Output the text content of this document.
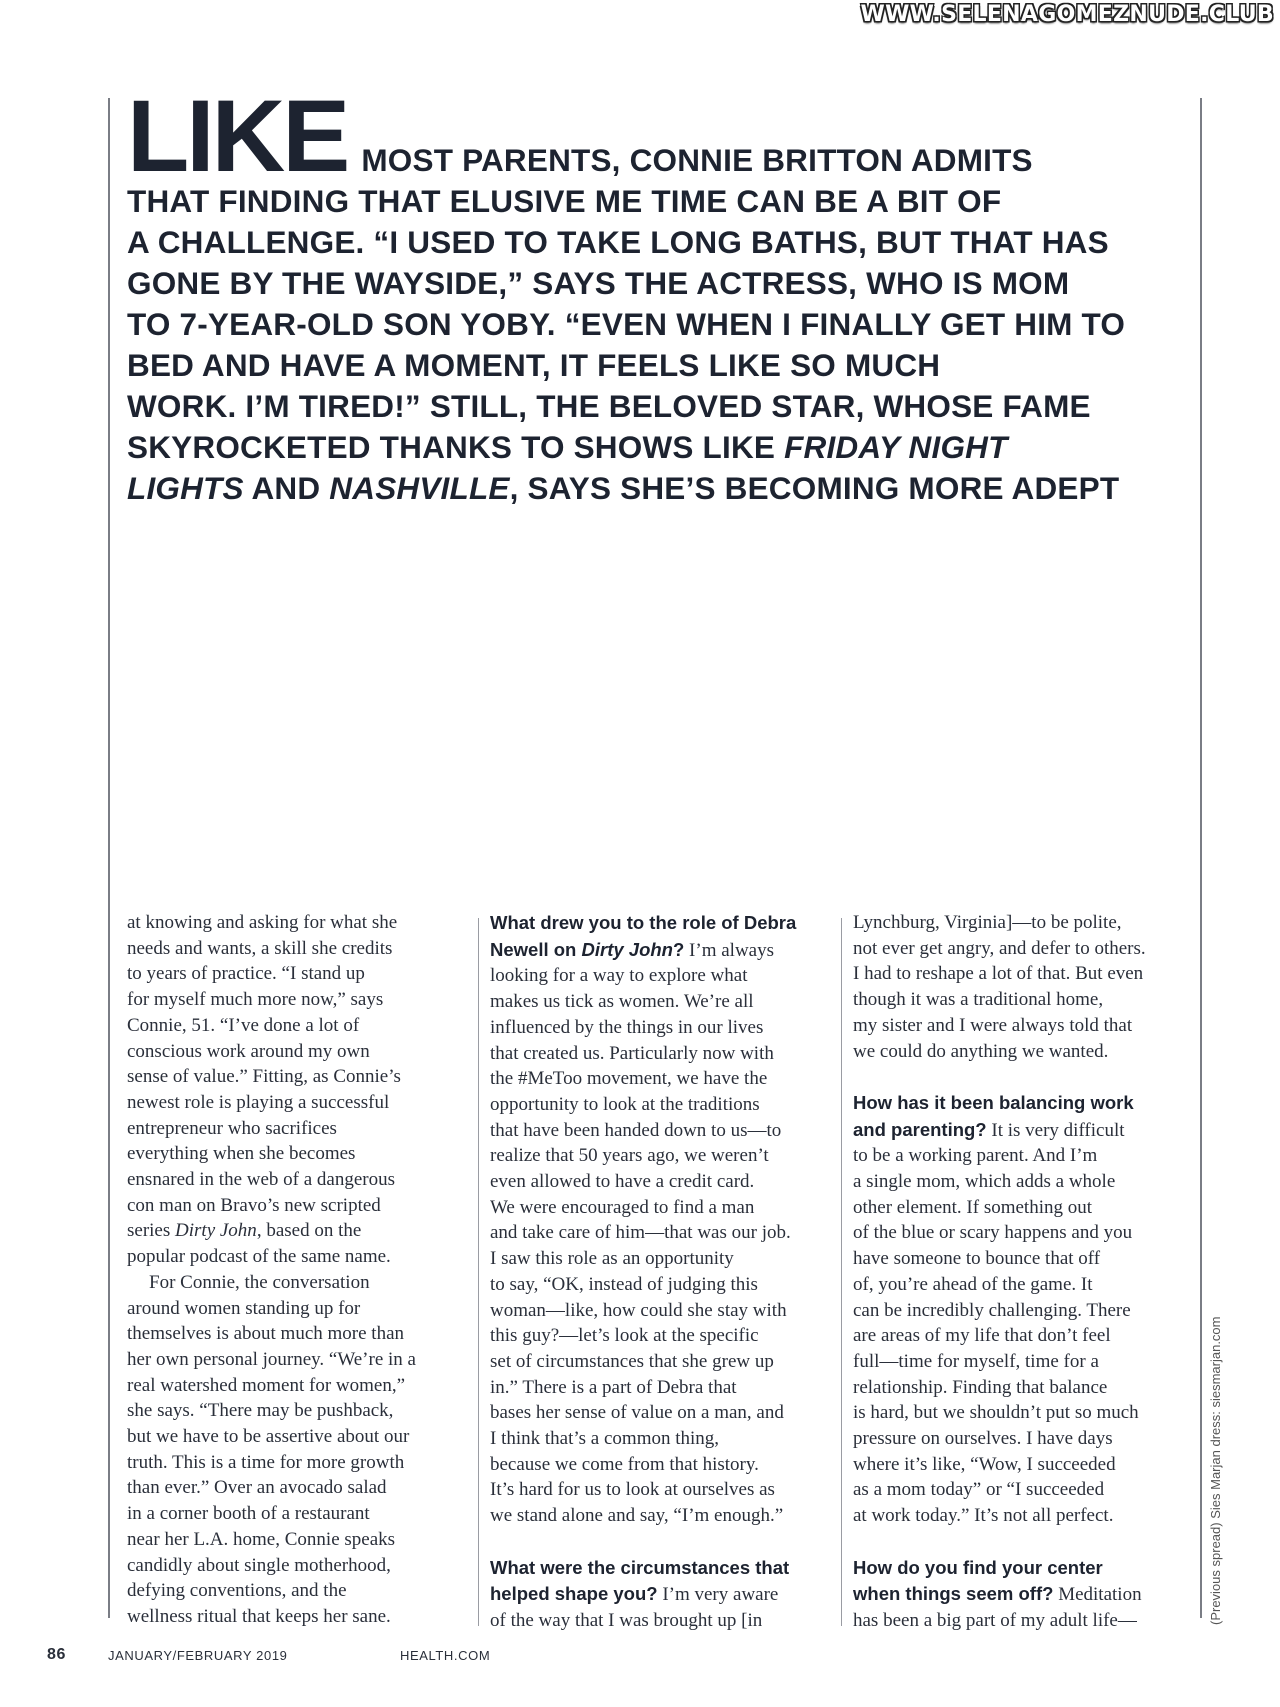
WWW.SELENAGOMEZNUDE.CLUB
LIKE MOST PARENTS, CONNIE BRITTON ADMITS
THAT FINDING THAT ELUSIVE ME TIME CAN BE A BIT OF
A CHALLENGE. “I USED TO TAKE LONG BATHS, BUT THAT HAS
GONE BY THE WAYSIDE,” SAYS THE ACTRESS, WHO IS MOM
TO 7-YEAR-OLD SON YOBY. “EVEN WHEN I FINALLY GET HIM TO
BED AND HAVE A MOMENT, IT FEELS LIKE SO MUCH
WORK. I’M TIRED!” STILL, THE BELOVED STAR, WHOSE FAME
SKYROCKETED THANKS TO SHOWS LIKE FRIDAY NIGHT
LIGHTS AND NASHVILLE, SAYS SHE’S BECOMING MORE ADEPT

at knowing and asking for what she
needs and wants, a skill she credits
to years of practice. “I stand up
for myself much more now,” says
Connie, 51. “I’ve done a lot of
conscious work around my own
sense of value.” Fitting, as Connie’s
newest role is playing a successful
entrepreneur who sacrifices
everything when she becomes
ensnared in the web of a dangerous
con man on Bravo’s new scripted
series Dirty John, based on the
popular podcast of the same name.

For Connie, the conversation
around women standing up for
themselves is about much more than
her own personal journey. “We’re in a
real watershed moment for women,”
she says. “There may be pushback,
but we have to be assertive about our
truth. This is a time for more growth
than ever.” Over an avocado salad
in a corner booth of a restaurant
near her L.A. home, Connie speaks
candidly about single motherhood,
defying conventions, and the
wellness ritual that keeps her sane.

What drew you to the role of Debra
Newell on Dirty John? I’m always
looking for a way to explore what
makes us tick as women. We’re all
influenced by the things in our lives
that created us. Particularly now with
the #MeToo movement, we have the
opportunity to look at the traditions
that have been handed down to us—to
realize that 50 years ago, we weren’t
even allowed to have a credit card.
We were encouraged to find a man
and take care of him—that was our job.
I saw this role as an opportunity
to say, “OK, instead of judging this
woman—like, how could she stay with
this guy?—let’s look at the specific
set of circumstances that she grew up
in.” There is a part of Debra that
bases her sense of value on a man, and
I think that’s a common thing,
because we come from that history.
It’s hard for us to look at ourselves as
we stand alone and say, “I’m enough.”

What were the circumstances that
helped shape you? I’m very aware
of the way that I was brought up [in

Lynchburg, Virginia]—to be polite,
not ever get angry, and defer to others.
I had to reshape a lot of that. But even
though it was a traditional home,
my sister and I were always told that
we could do anything we wanted.

How has it been balancing work
and parenting? It is very difficult
to be a working parent. And I’m
a single mom, which adds a whole
other element. If something out
of the blue or scary happens and you
have someone to bounce that off
of, you’re ahead of the game. It
can be incredibly challenging. There
are areas of my life that don’t feel
full—time for myself, time for a
relationship. Finding that balance
is hard, but we shouldn’t put so much
pressure on ourselves. I have days
where it’s like, “Wow, I succeeded
as a mom today” or “I succeeded
at work today.” It’s not all perfect.

How do you find your center
when things seem off? Meditation
has been a big part of my adult life—	(Previous spread) Sies Marjan dress: siesmarjan.com
86	JANUARY/FEBRUARY 2019	HEALTH.COM
